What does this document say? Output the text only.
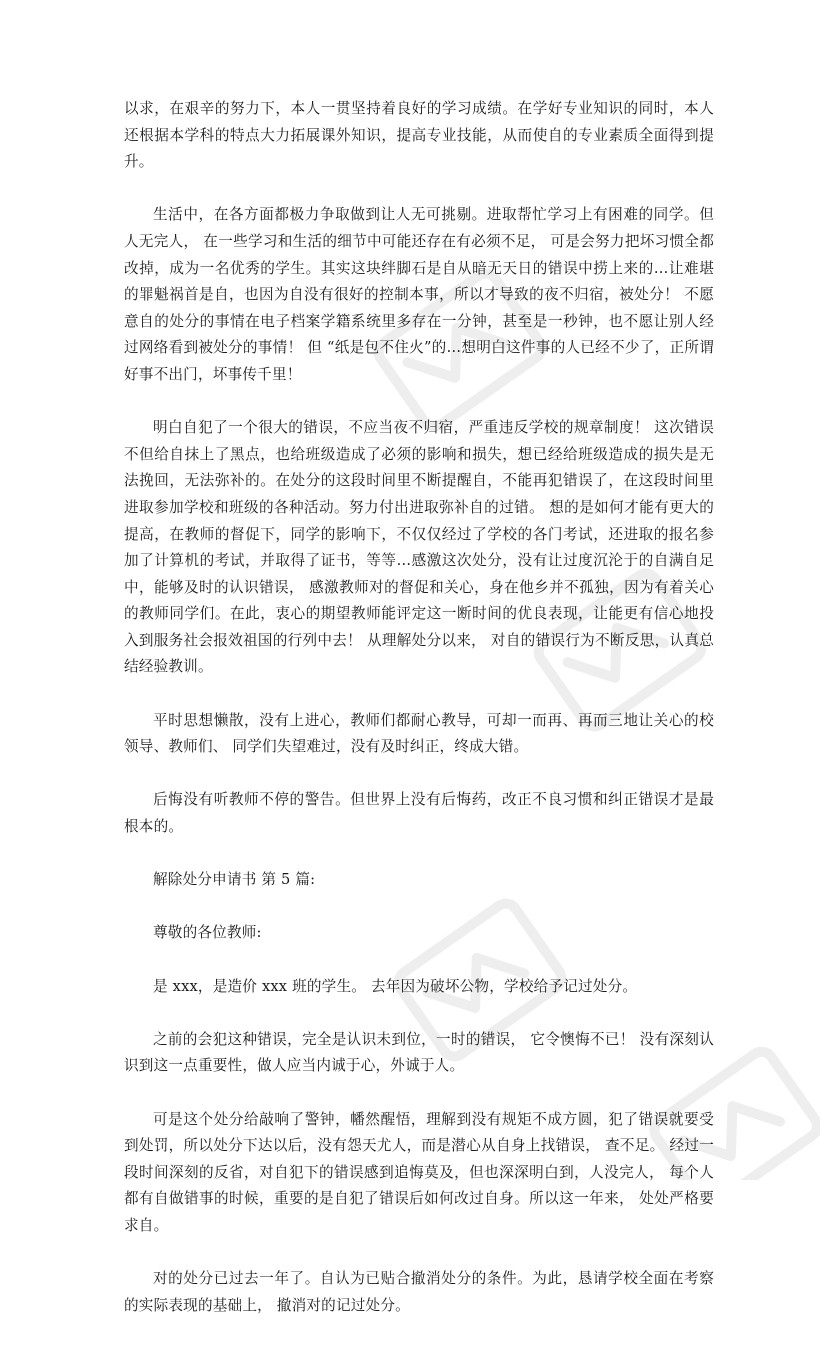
以求，在艰辛的努力下，本人一贯坚持着良好的学习成绩。在学好专业知识的同时，本人还根据本学科的特点大力拓展课外知识，提高专业技能，从而使自的专业素质全面得到提升。

生活中，在各方面都极力争取做到让人无可挑剔。进取帮忙学习上有困难的同学。但人无完人， 在一些学习和生活的细节中可能还存在有必须不足， 可是会努力把坏习惯全都改掉，成为一名优秀的学生。其实这块绊脚石是自从暗无天日的错误中捞上来的…让难堪的罪魁祸首是自，也因为自没有很好的控制本事，所以才导致的夜不归宿，被处分！ 不愿意自的处分的事情在电子档案学籍系统里多存在一分钟，甚至是一秒钟，也不愿让别人经过网络看到被处分的事情！ 但 “纸是包不住火”的…想明白这件事的人已经不少了，正所谓好事不出门，坏事传千里！

明白自犯了一个很大的错误，不应当夜不归宿，严重违反学校的规章制度！ 这次错误不但给自抹上了黑点，也给班级造成了必须的影响和损失，想已经给班级造成的损失是无法挽回，无法弥补的。在处分的这段时间里不断提醒自，不能再犯错误了，在这段时间里进取参加学校和班级的各种活动。努力付出进取弥补自的过错。 想的是如何才能有更大的提高，在教师的督促下，同学的影响下，不仅仅经过了学校的各门考试，还进取的报名参加了计算机的考试，并取得了证书，等等…感激这次处分，没有让过度沉沦于的自满自足中，能够及时的认识错误， 感激教师对的督促和关心，身在他乡并不孤独，因为有着关心的教师同学们。在此，衷心的期望教师能评定这一断时间的优良表现，让能更有信心地投入到服务社会报效祖国的行列中去！ 从理解处分以来， 对自的错误行为不断反思，认真总结经验教训。

平时思想懒散，没有上进心，教师们都耐心教导，可却一而再、再而三地让关心的校领导、教师们、 同学们失望难过，没有及时纠正，终成大错。

后悔没有听教师不停的警告。但世界上没有后悔药，改正不良习惯和纠正错误才是最根本的。

解除处分申请书 第 5 篇:

尊敬的各位教师:

是 xxx，是造价 xxx 班的学生。 去年因为破坏公物，学校给予记过处分。

之前的会犯这种错误，完全是认识未到位，一时的错误， 它令懊悔不已！ 没有深刻认识到这一点重要性，做人应当内诚于心，外诚于人。

可是这个处分给敲响了警钟，幡然醒悟，理解到没有规矩不成方圆，犯了错误就要受到处罚，所以处分下达以后，没有怨天尤人，而是潜心从自身上找错误， 查不足。 经过一段时间深刻的反省，对自犯下的错误感到追悔莫及，但也深深明白到，人没完人， 每个人都有自做错事的时候，重要的是自犯了错误后如何改过自身。所以这一年来， 处处严格要求自。

对的处分已过去一年了。自认为已贴合撤消处分的条件。为此，恳请学校全面在考察的实际表现的基础上， 撤消对的记过处分。
